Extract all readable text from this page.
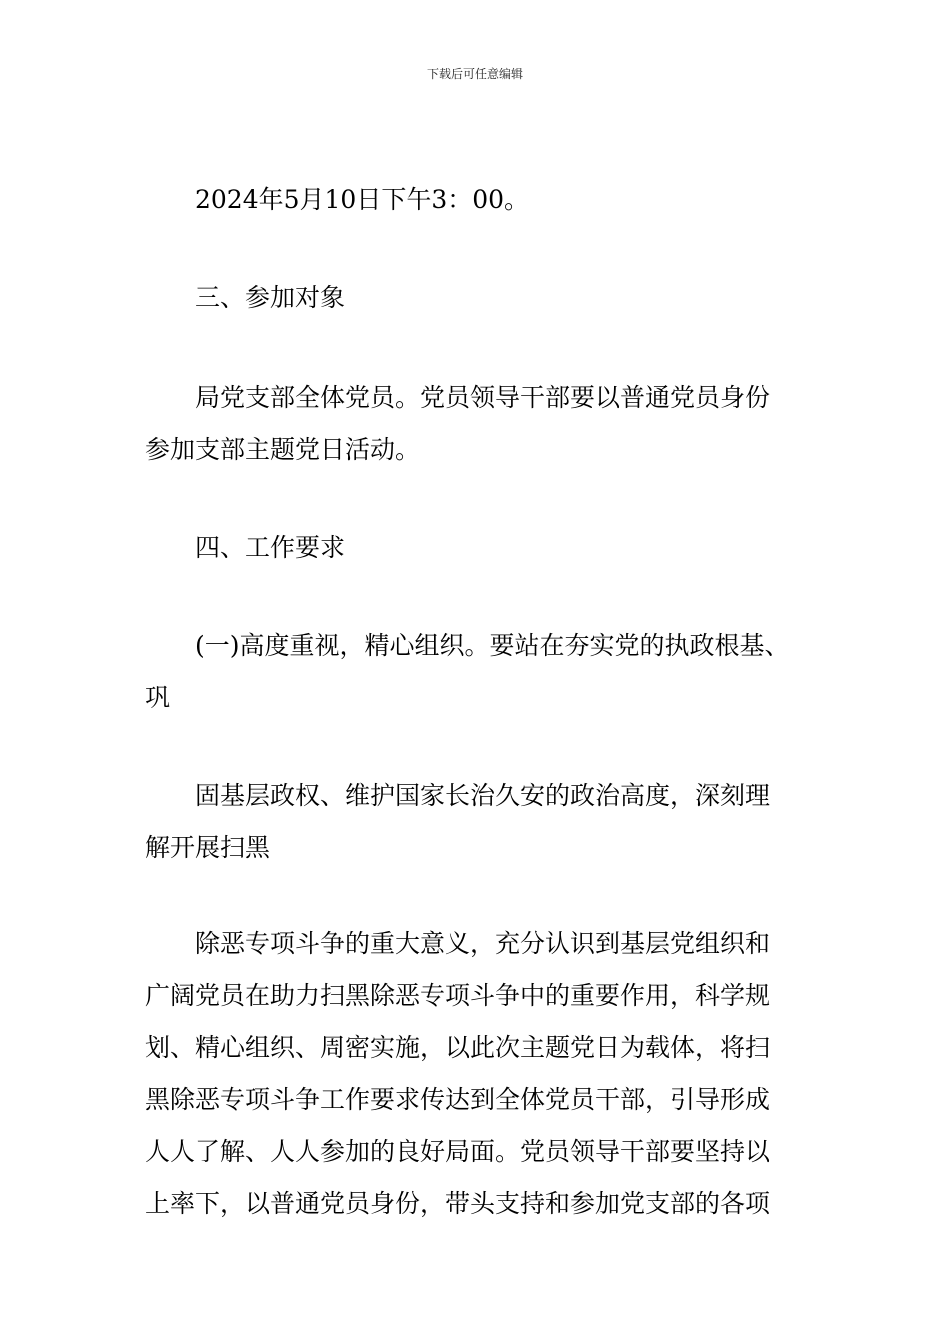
下载后可任意编辑
2024年5月10日下午3：00。
三、参加对象
局党支部全体党员。党员领导干部要以普通党员身份
参加支部主题党日活动。
四、工作要求
(一)高度重视，精心组织。要站在夯实党的执政根基、
巩
固基层政权、维护国家长治久安的政治高度，深刻理
解开展扫黑
除恶专项斗争的重大意义，充分认识到基层党组织和
广阔党员在助力扫黑除恶专项斗争中的重要作用，科学规
划、精心组织、周密实施，以此次主题党日为载体，将扫
黑除恶专项斗争工作要求传达到全体党员干部，引导形成
人人了解、人人参加的良好局面。党员领导干部要坚持以
上率下，以普通党员身份，带头支持和参加党支部的各项
